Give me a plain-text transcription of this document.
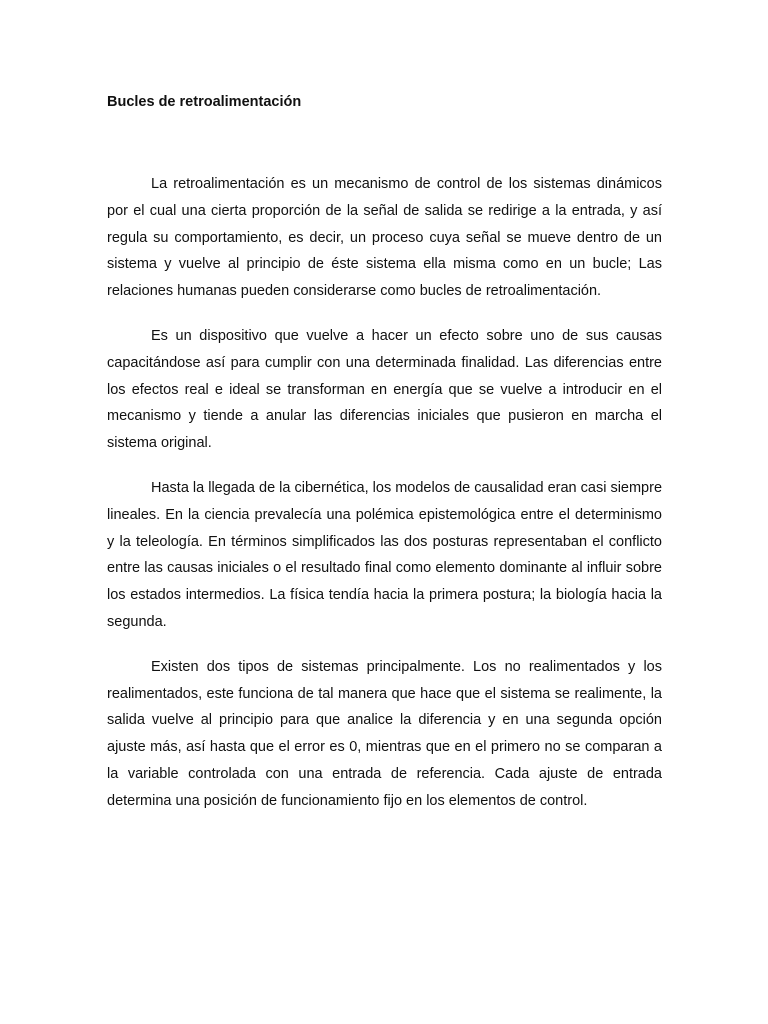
Bucles de retroalimentación

La retroalimentación es un mecanismo de control de los sistemas dinámicos por el cual una cierta proporción de la señal de salida se redirige a la entrada, y así regula su comportamiento, es decir, un proceso cuya señal se mueve dentro de un sistema y vuelve al principio de éste sistema ella misma como en un bucle; Las relaciones humanas pueden considerarse como bucles de retroalimentación.

Es un dispositivo que vuelve a hacer un efecto sobre uno de sus causas capacitándose así para cumplir con una determinada finalidad. Las diferencias entre los efectos real e ideal se transforman en energía que se vuelve a introducir en el mecanismo y tiende a anular las diferencias iniciales que pusieron en marcha el sistema original.

Hasta la llegada de la cibernética, los modelos de causalidad eran casi siempre lineales. En la ciencia prevalecía una polémica epistemológica entre el determinismo y la teleología. En términos simplificados las dos posturas representaban el conflicto entre las causas iniciales o el resultado final como elemento dominante al influir sobre los estados intermedios. La física tendía hacia la primera postura; la biología hacia la segunda.

Existen dos tipos de sistemas principalmente. Los no realimentados y los realimentados, este funciona de tal manera que hace que el sistema se realimente, la salida vuelve al principio para que analice la diferencia y en una segunda opción ajuste más, así hasta que el error es 0, mientras que en el primero no se comparan a la variable controlada con una entrada de referencia. Cada ajuste de entrada determina una posición de funcionamiento fijo en los elementos de control.
